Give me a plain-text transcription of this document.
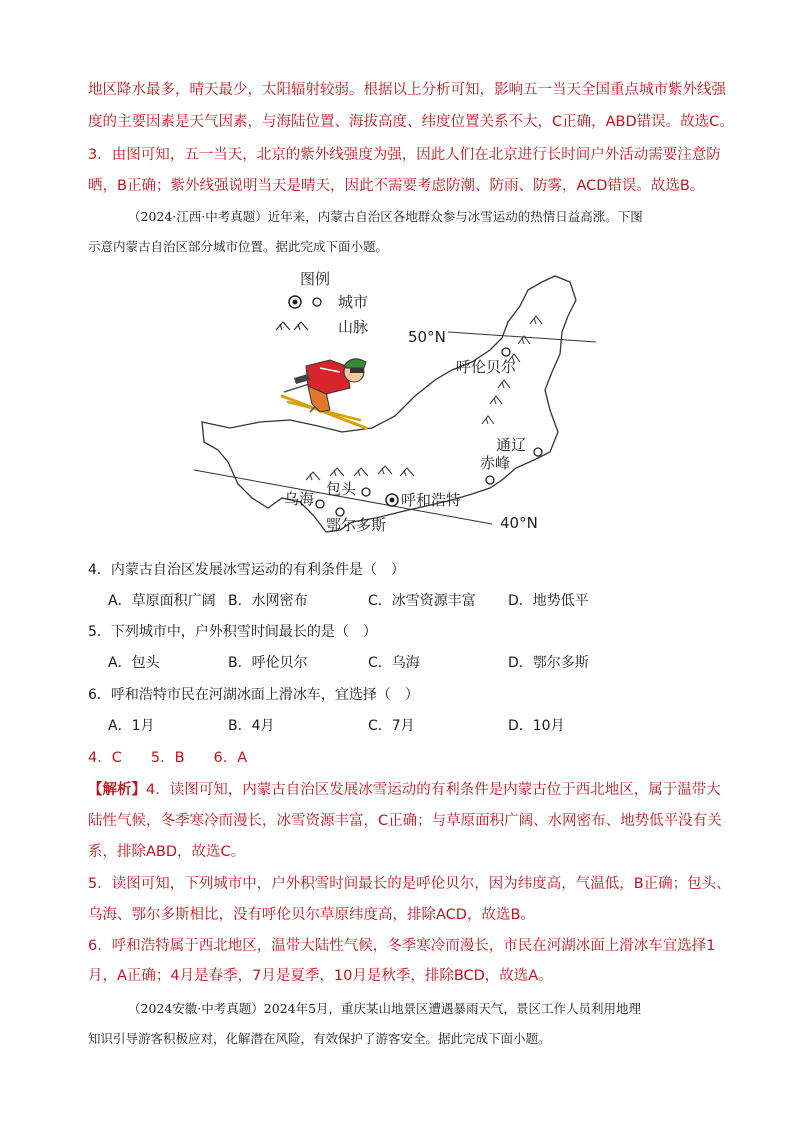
地区降水最多，晴天最少，太阳辐射较弱。根据以上分析可知，影响五一当天全国重点城市紫外线强
度的主要因素是天气因素，与海陆位置、海拔高度、纬度位置关系不大，C正确，ABD错误。故选C。
3．由图可知，五一当天，北京的紫外线强度为强，因此人们在北京进行长时间户外活动需要注意防
晒，B正确；紫外线强说明当天是晴天，因此不需要考虑防潮、防雨、防雾，ACD错误。故选B。
（2024·江西·中考真题）近年来，内蒙古自治区各地群众参与冰雪运动的热情日益高涨。下图
示意内蒙古自治区部分城市位置。据此完成下面小题。
图例
城市
山脉
50°N
40°N
呼伦贝尔
通辽
赤峰
包头
呼和浩特
乌海
鄂尔多斯
4．内蒙古自治区发展冰雪运动的有利条件是（　）
A．草原面积广阔 B．水网密布	C．冰雪资源丰富 D．地势低平
5．下列城市中，户外积雪时间最长的是（　）
A．包头	B．呼伦贝尔	C．乌海	D．鄂尔多斯
6．呼和浩特市民在河湖冰面上滑冰车，宜选择（　）
A．1月	B．4月	C．7月	D．10月
4．C　　5．B　　6．A
【解析】4．读图可知，内蒙古自治区发展冰雪运动的有利条件是内蒙古位于西北地区，属于温带大
陆性气候，冬季寒冷而漫长，冰雪资源丰富，C正确；与草原面积广阔、水网密布、地势低平没有关
系，排除ABD，故选C。
5．读图可知，下列城市中，户外积雪时间最长的是呼伦贝尔，因为纬度高，气温低，B正确；包头、
乌海、鄂尔多斯相比，没有呼伦贝尔草原纬度高，排除ACD，故选B。
6．呼和浩特属于西北地区，温带大陆性气候，冬季寒冷而漫长，市民在河湖冰面上滑冰车宜选择1
月，A正确；4月是春季，7月是夏季，10月是秋季，排除BCD，故选A。
（2024安徽·中考真题）2024年5月，重庆某山地景区遭遇暴雨天气，景区工作人员利用地理
知识引导游客积极应对，化解潜在风险，有效保护了游客安全。据此完成下面小题。
